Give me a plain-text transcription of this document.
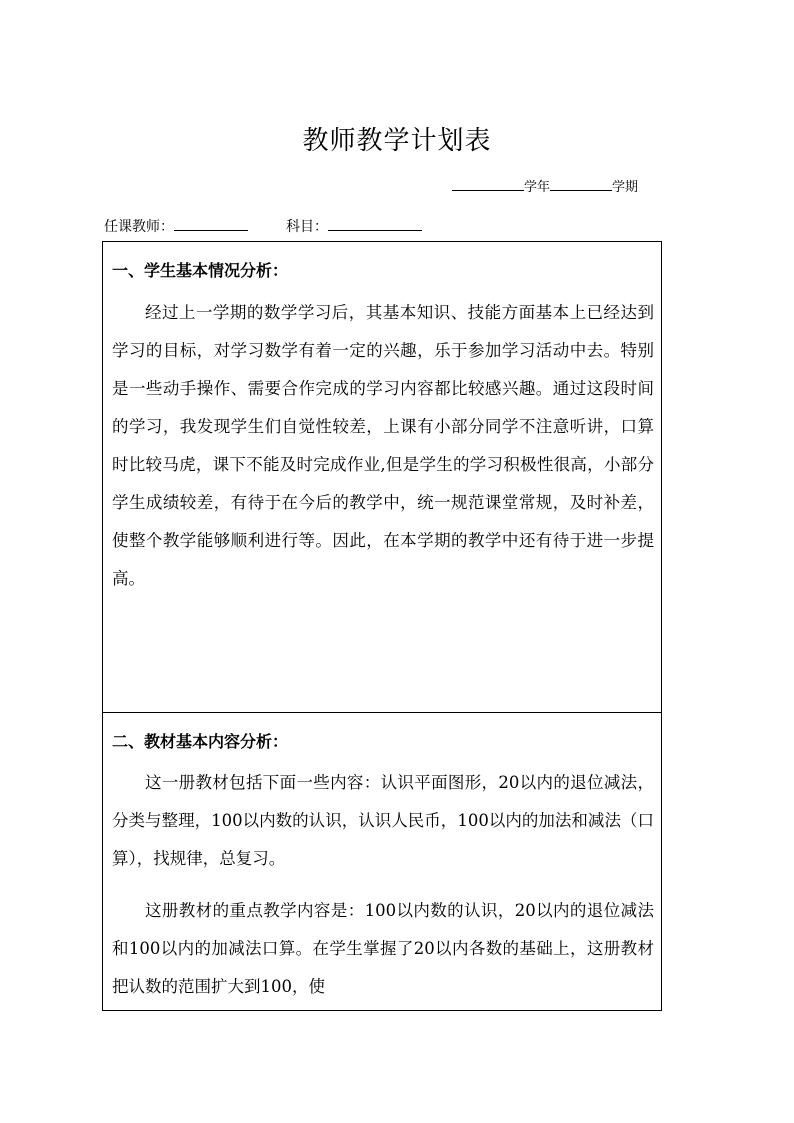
教师教学计划表
学年	学期
任课教师：	科目：
一、学生基本情况分析：

经过上一学期的数学学习后，其基本知识、技能方面基本上已经达到学习的目标，对学习数学有着一定的兴趣，乐于参加学习活动中去。特别是一些动手操作、需要合作完成的学习内容都比较感兴趣。通过这段时间的学习，我发现学生们自觉性较差，上课有小部分同学不注意听讲，口算时比较马虎，课下不能及时完成作业,但是学生的学习积极性很高，小部分学生成绩较差，有待于在今后的教学中，统一规范课堂常规，及时补差，使整个教学能够顺利进行等。因此，在本学期的教学中还有待于进一步提高。

二、教材基本内容分析：

这一册教材包括下面一些内容：认识平面图形，20以内的退位减法，分类与整理，100以内数的认识，认识人民币，100以内的加法和减法（口算），找规律，总复习。

这册教材的重点教学内容是：100以内数的认识，20以内的退位减法和100以内的加减法口算。在学生掌握了20以内各数的基础上，这册教材把认数的范围扩大到100，使
